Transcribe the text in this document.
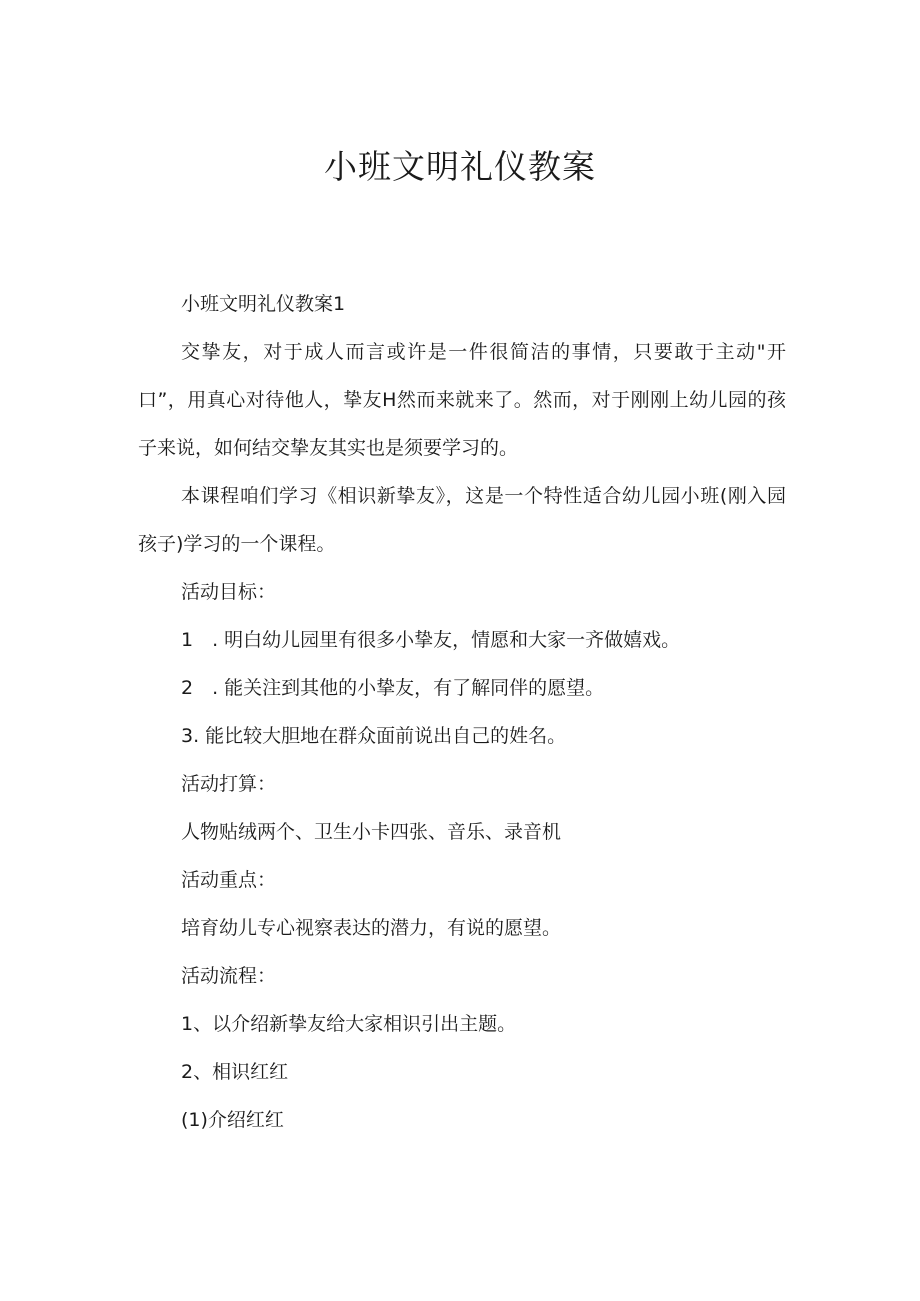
小班文明礼仪教案

小班文明礼仪教案1

交挚友，对于成人而言或许是一件很简洁的事情，只要敢于主动"开口”，用真心对待他人，挚友H然而来就来了。然而，对于刚刚上幼儿园的孩子来说，如何结交挚友其实也是须要学习的。

本课程咱们学习《相识新挚友》，这是一个特性适合幼儿园小班(刚入园孩子)学习的一个课程。

活动目标：

1　. 明白幼儿园里有很多小挚友，情愿和大家一齐做嬉戏。

2　. 能关注到其他的小挚友，有了解同伴的愿望。

3. 能比较大胆地在群众面前说出自己的姓名。

活动打算：

人物贴绒两个、卫生小卡四张、音乐、录音机

活动重点：

培育幼儿专心视察表达的潜力，有说的愿望。

活动流程：

1、以介绍新挚友给大家相识引出主题。

2、相识红红

(1)介绍红红
